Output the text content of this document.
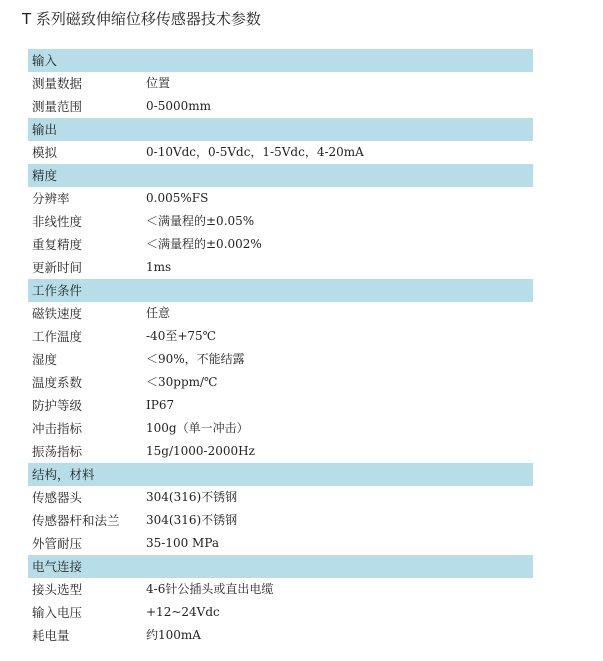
T 系列磁致伸缩位移传感器技术参数
输入
测量数据	位置
测量范围	0-5000mm
输出
模拟	0-10Vdc，0-5Vdc，1-5Vdc，4-20mA
精度
分辨率	0.005%FS
非线性度	＜满量程的±0.05%
重复精度	＜满量程的±0.002%
更新时间	1ms
工作条件
磁铁速度	任意
工作温度	-40至+75℃
湿度	＜90%，不能结露
温度系数	＜30ppm/℃
防护等级	IP67
冲击指标	100g（单一冲击）
振荡指标	15g/1000-2000Hz
结构，材料
传感器头	304(316)不锈钢
传感器杆和法兰 304(316)不锈钢
外管耐压	35-100 MPa
电气连接
接头选型	4-6针公插头或直出电缆
输入电压	+12~24Vdc
耗电量	约100mA
